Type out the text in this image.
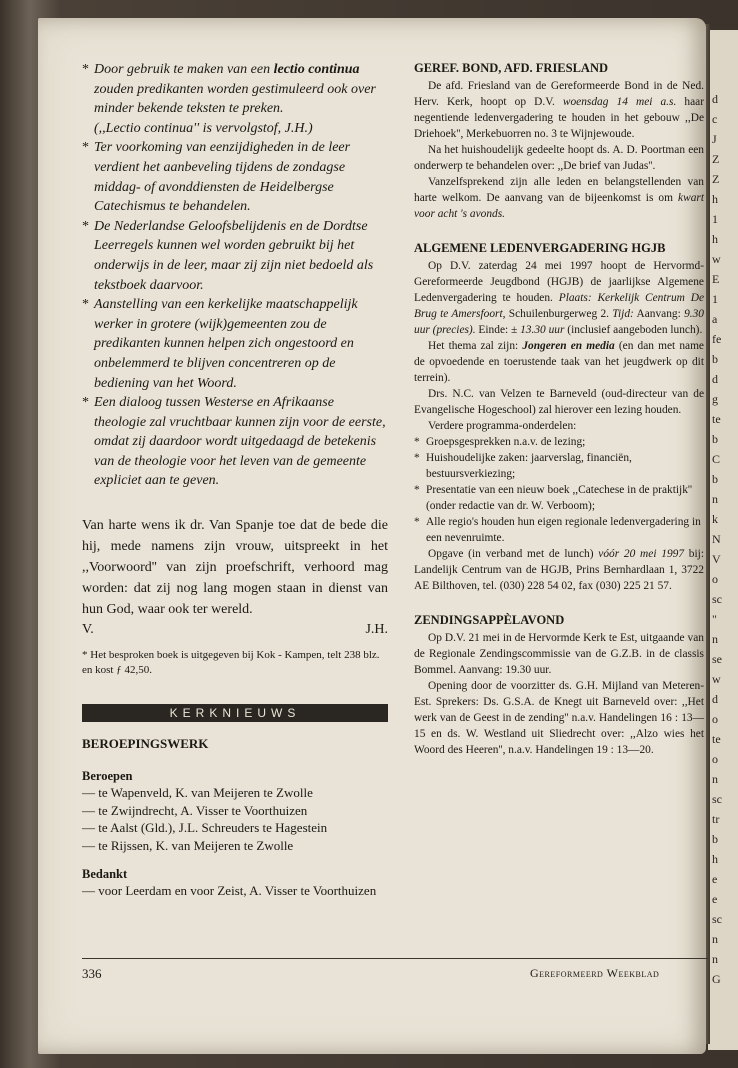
d
c
J
Z
Z
h
1
h
w
E
1
a
fe
b
d
g
te
b
C
b
n
k
N
V
o
sc
"
n
se
w
d
o
te
o
n
sc
tr
b
h
e
e
sc
n
n
G

* Door gebruik te maken van een lectio continua zouden predikanten worden gestimuleerd ook over minder bekende teksten te preken.

(,,Lectio continua'' is vervolgstof, J.H.)

* Ter voorkoming van eenzijdigheden in de leer verdient het aanbeveling tijdens de zondagse middag- of avonddiensten de Heidelbergse Catechismus te behandelen.

* De Nederlandse Geloofsbelijdenis en de Dordtse Leerregels kunnen wel worden gebruikt bij het onderwijs in de leer, maar zij zijn niet bedoeld als tekstboek daarvoor.

* Aanstelling van een kerkelijke maatschappelijk werker in grotere (wijk)gemeenten zou de predikanten kunnen helpen zich ongestoord en onbelemmerd te blijven concentreren op de bediening van het Woord.

* Een dialoog tussen Westerse en Afrikaanse theologie zal vruchtbaar kunnen zijn voor de eerste, omdat zij daardoor wordt uitgedaagd de betekenis van de theologie voor het leven van de gemeente expliciet aan te geven.

Van harte wens ik dr. Van Spanje toe dat de bede die hij, mede namens zijn vrouw, uitspreekt in het ,,Voorwoord'' van zijn proefschrift, verhoord mag worden: dat zij nog lang mogen staan in dienst van hun God, waar ook ter wereld.

V.	J.H.

* Het besproken boek is uitgegeven bij Kok - Kampen, telt 238 blz. en kost ƒ 42,50.

KERKNIEUWS
BEROEPINGSWERK
Beroepen
— te Wapenveld, K. van Meijeren te Zwolle
— te Zwijndrecht, A. Visser te Voorthuizen
— te Aalst (Gld.), J.L. Schreuders te Hagestein
— te Rijssen, K. van Meijeren te Zwolle
Bedankt
— voor Leerdam en voor Zeist, A. Visser te Voorthuizen
GEREF. BOND, AFD. FRIESLAND

De afd. Friesland van de Gereformeerde Bond in de Ned. Herv. Kerk, hoopt op D.V. woensdag 14 mei a.s. haar negentiende ledenvergadering te houden in het gebouw ,,De Driehoek'', Merkebuorren no. 3 te Wijnjewoude.

Na het huishoudelijk gedeelte hoopt ds. A. D. Poortman een onderwerp te behandelen over: ,,De brief van Judas''.

Vanzelfsprekend zijn alle leden en belangstellenden van harte welkom. De aanvang van de bijeenkomst is om kwart voor acht 's avonds.

ALGEMENE LEDENVERGADERING HGJB

Op D.V. zaterdag 24 mei 1997 hoopt de Hervormd-Gereformeerde Jeugdbond (HGJB) de jaarlijkse Algemene Ledenvergadering te houden. Plaats: Kerkelijk Centrum De Brug te Amersfoort, Schuilenburgerweg 2. Tijd: Aanvang: 9.30 uur (precies). Einde: ± 13.30 uur (inclusief aangeboden lunch).

Het thema zal zijn: Jongeren en media (en dan met name de opvoedende en toerustende taak van het jeugdwerk op dit terrein).

Drs. N.C. van Velzen te Barneveld (oud-directeur van de Evangelische Hogeschool) zal hierover een lezing houden.

Verdere programma-onderdelen:

* Groepsgesprekken n.a.v. de lezing;
* Huishoudelijke zaken: jaarverslag, financiën, bestuursverkiezing;
* Presentatie van een nieuw boek ,,Catechese in de praktijk'' (onder redactie van dr. W. Verboom);
* Alle regio's houden hun eigen regionale ledenvergadering in een nevenruimte.

Opgave (in verband met de lunch) vóór 20 mei 1997 bij: Landelijk Centrum van de HGJB, Prins Bernhardlaan 1, 3722 AE Bilthoven, tel. (030) 228 54 02, fax (030) 225 21 57.

ZENDINGSAPPÈLAVOND

Op D.V. 21 mei in de Hervormde Kerk te Est, uitgaande van de Regionale Zendingscommissie van de G.Z.B. in de classis Bommel. Aanvang: 19.30 uur.

Opening door de voorzitter ds. G.H. Mijland van Meteren-Est. Sprekers: Ds. G.S.A. de Knegt uit Barneveld over: ,,Het werk van de Geest in de zending'' n.a.v. Handelingen 16 : 13—15 en ds. W. Westland uit Sliedrecht over: ,,Alzo wies het Woord des Heeren'', n.a.v. Handelingen 19 : 13—20.

336	Gereformeerd Weekblad
